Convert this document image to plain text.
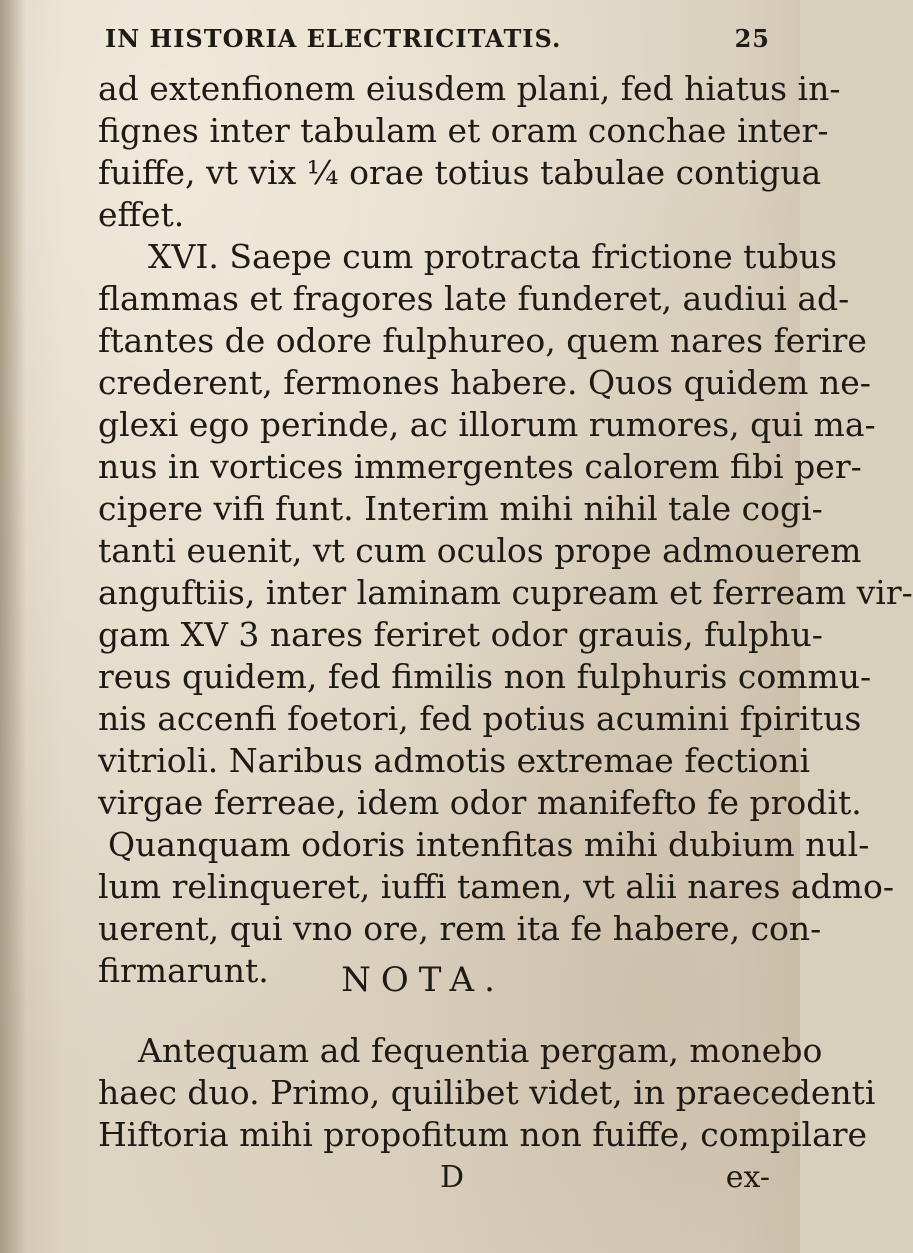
IN HISTORIA ELECTRICITATIS.	25
ad extenfionem eiusdem plani, fed hiatus in-
fignes inter tabulam et oram conchae inter-
fuiffe, vt vix ¼ orae totius tabulae contigua
effet.
XVI. Saepe cum protracta frictione tubus
flammas et fragores late funderet, audiui ad-
ftantes de odore fulphureo, quem nares ferire
crederent, fermones habere. Quos quidem ne-
glexi ego perinde, ac illorum rumores, qui ma-
nus in vortices immergentes calorem fibi per-
cipere vifi funt. Interim mihi nihil tale cogi-
tanti euenit, vt cum oculos prope admouerem
anguftiis, inter laminam cupream et ferream vir-
gam XV 3 nares feriret odor grauis, fulphu-
reus quidem, fed fimilis non fulphuris commu-
nis accenfi foetori, fed potius acumini fpiritus
vitrioli. Naribus admotis extremae fectioni
virgae ferreae, idem odor manifefto fe prodit.
Quanquam odoris intenfitas mihi dubium nul-
lum relinqueret, iuffi tamen, vt alii nares admo-
uerent, qui vno ore, rem ita fe habere, con-
firmarunt.	NOTA.
Antequam ad fequentia pergam, monebo
haec duo. Primo, quilibet videt, in praecedenti
Hiftoria mihi propofitum non fuiffe, compilare
D	ex-
